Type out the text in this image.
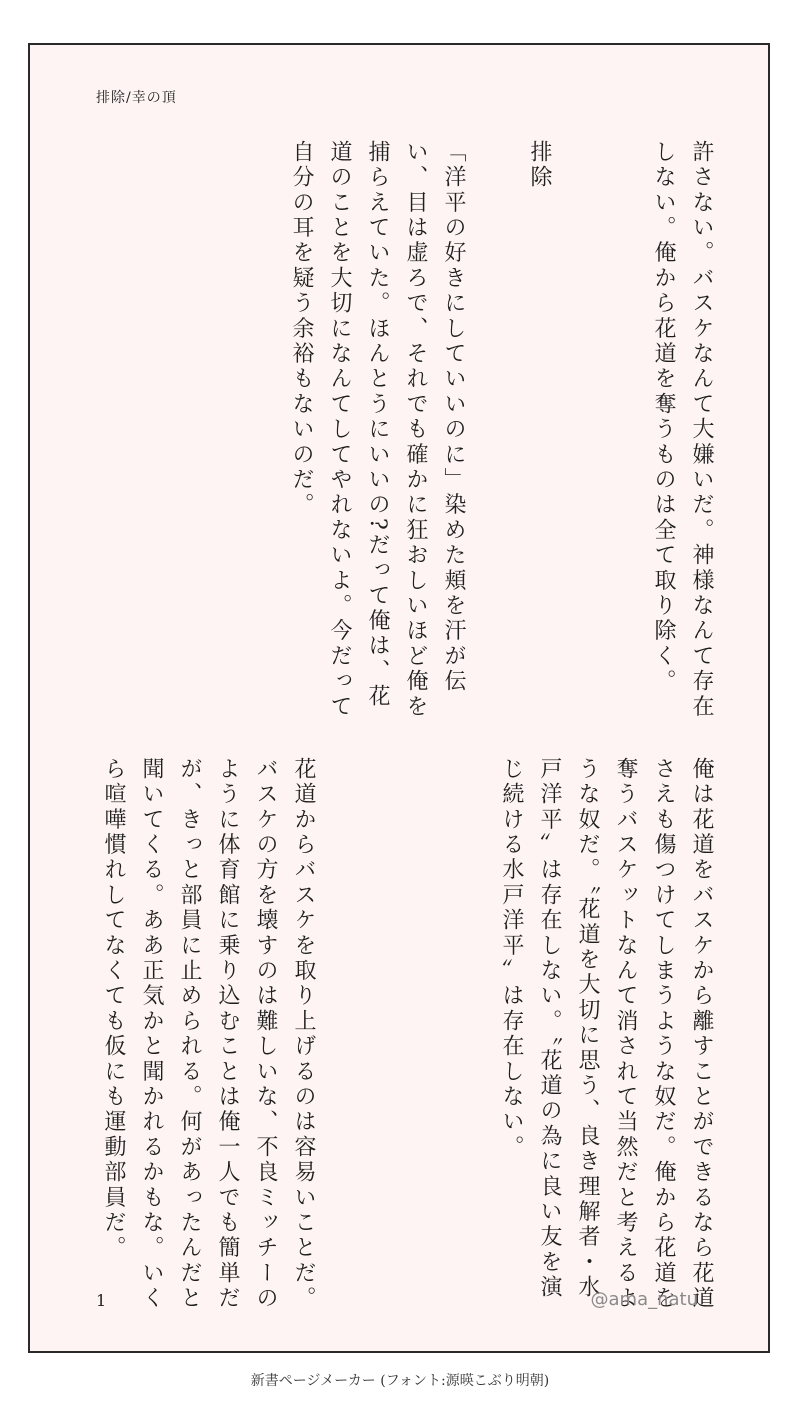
排除/幸の頂
許さない。バスケなんて大嫌いだ。神様なんて存在しない。俺から花道を奪うものは全て取り除く。
排除
「洋平の好きにしていいのに」染めた頬を汗が伝い、目は虚ろで、それでも確かに狂おしいほど俺を捕らえていた。ほんとうにいいの?だって俺は、花道のことを大切になんてしてやれないよ。今だって自分の耳を疑う余裕もないのだ。
俺は花道をバスケから離すことができるなら花道さえも傷つけてしまうような奴だ。俺から花道を奪うバスケットなんて消されて当然だと考えるような奴だ。〝花道を大切に思う、良き理解者・水戸洋平〟は存在しない。〝花道の為に良い友を演じ続ける水戸洋平〟は存在しない。
花道からバスケを取り上げるのは容易いことだ。バスケの方を壊すのは難しいな、不良ミッチーのように体育館に乗り込むことは俺一人でも簡単だが、きっと部員に止められる。何があったんだと聞いてくる。ああ正気かと聞かれるかもな。いくら喧嘩慣れしてなくても仮にも運動部員だ。
1	@ama_natu
新書ページメーカー (フォント:源暎こぶり明朝)
